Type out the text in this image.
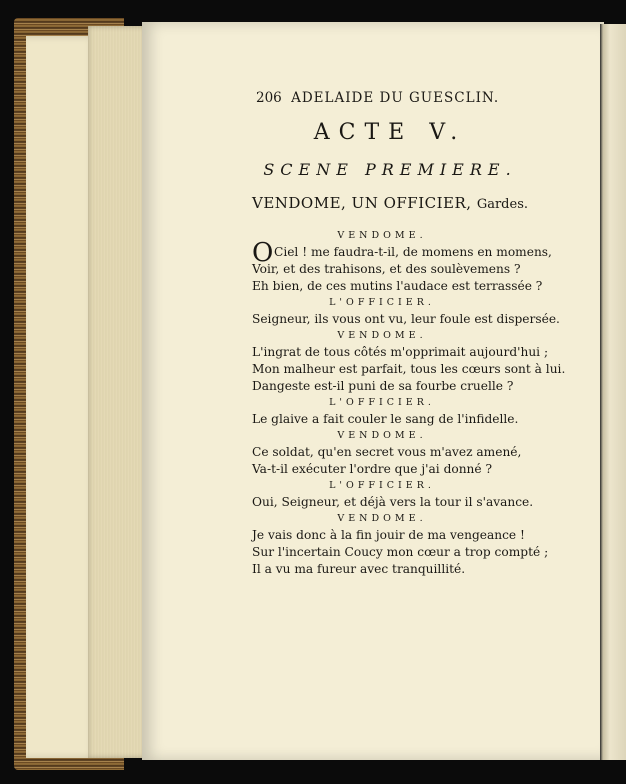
206 ADELAIDE DU GUESCLIN.
ACTE V.
SCENE PREMIERE.
VENDOME, UN OFFICIER, Gardes.
VENDOME.
O Ciel ! me faudra-t-il, de momens en momens,
Voir, et des trahisons, et des soulèvemens ?
Eh bien, de ces mutins l'audace est terrassée ?
L'OFFICIER.
Seigneur, ils vous ont vu, leur foule est dispersée.
VENDOME.
L'ingrat de tous côtés m'opprimait aujourd'hui ;
Mon malheur est parfait, tous les cœurs sont à lui.
Dangeste est-il puni de sa fourbe cruelle ?
L'OFFICIER.
Le glaive a fait couler le sang de l'infidelle.
VENDOME.
Ce soldat, qu'en secret vous m'avez amené,
Va-t-il exécuter l'ordre que j'ai donné ?
L'OFFICIER.
Oui, Seigneur, et déjà vers la tour il s'avance.
VENDOME.
Je vais donc à la fin jouir de ma vengeance !
Sur l'incertain Coucy mon cœur a trop compté ;
Il a vu ma fureur avec tranquillité.
